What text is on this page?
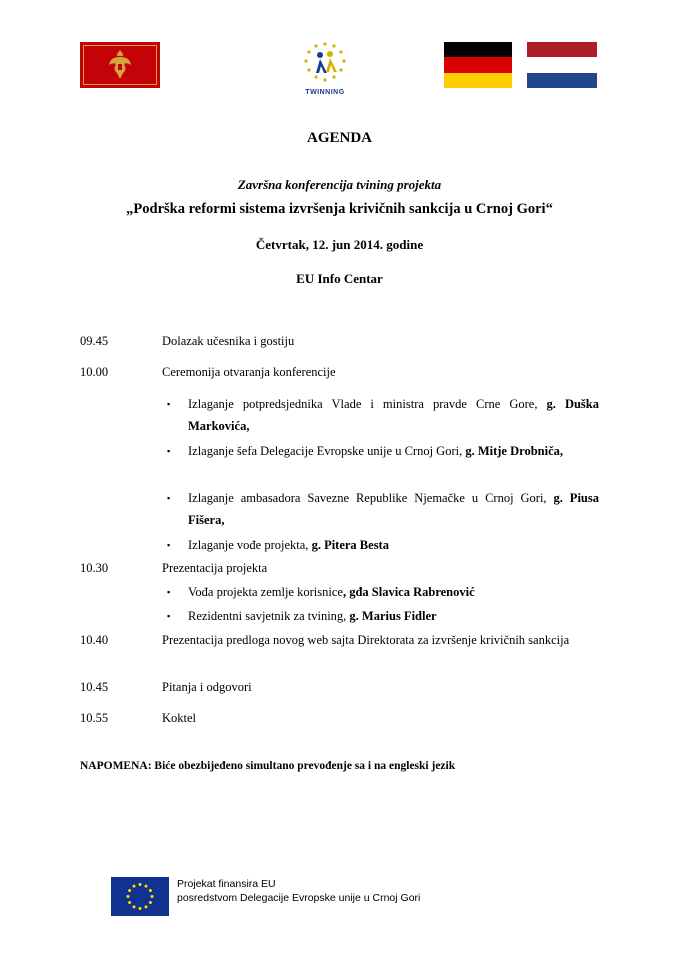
TWINNING
AGENDA
Završna konferencija tvining projekta
„Podrška reformi sistema izvršenja krivičnih sankcija u Crnoj Gori“
Četvrtak, 12. jun 2014. godine
EU Info Centar
09.45	Dolazak učesnika i gostiju
10.00	Ceremonija otvaranja konferencije
▪ Izlaganje potpredsjednika Vlade i ministra pravde Crne Gore, g. Duška Markovića,
▪ Izlaganje šefa Delegacije Evropske unije u Crnoj Gori, g. Mitje Drobniča,
▪ Izlaganje ambasadora Savezne Republike Njemačke u Crnoj Gori, g. Piusa Fišera,
▪ Izlaganje vođe projekta, g. Pitera Besta
10.30	Prezentacija projekta
▪ Vođa projekta zemlje korisnice, gđa Slavica Rabrenović
▪ Rezidentni savjetnik za tvining, g. Marius Fidler
10.40	Prezentacija predloga novog web sajta Direktorata za izvršenje krivičnih sankcija
10.45	Pitanja i odgovori
10.55	Koktel
NAPOMENA: Biće obezbijeđeno simultano prevođenje sa i na engleski jezik
Projekat finansira EU
posredstvom Delegacije Evropske unije u Crnoj Gori
